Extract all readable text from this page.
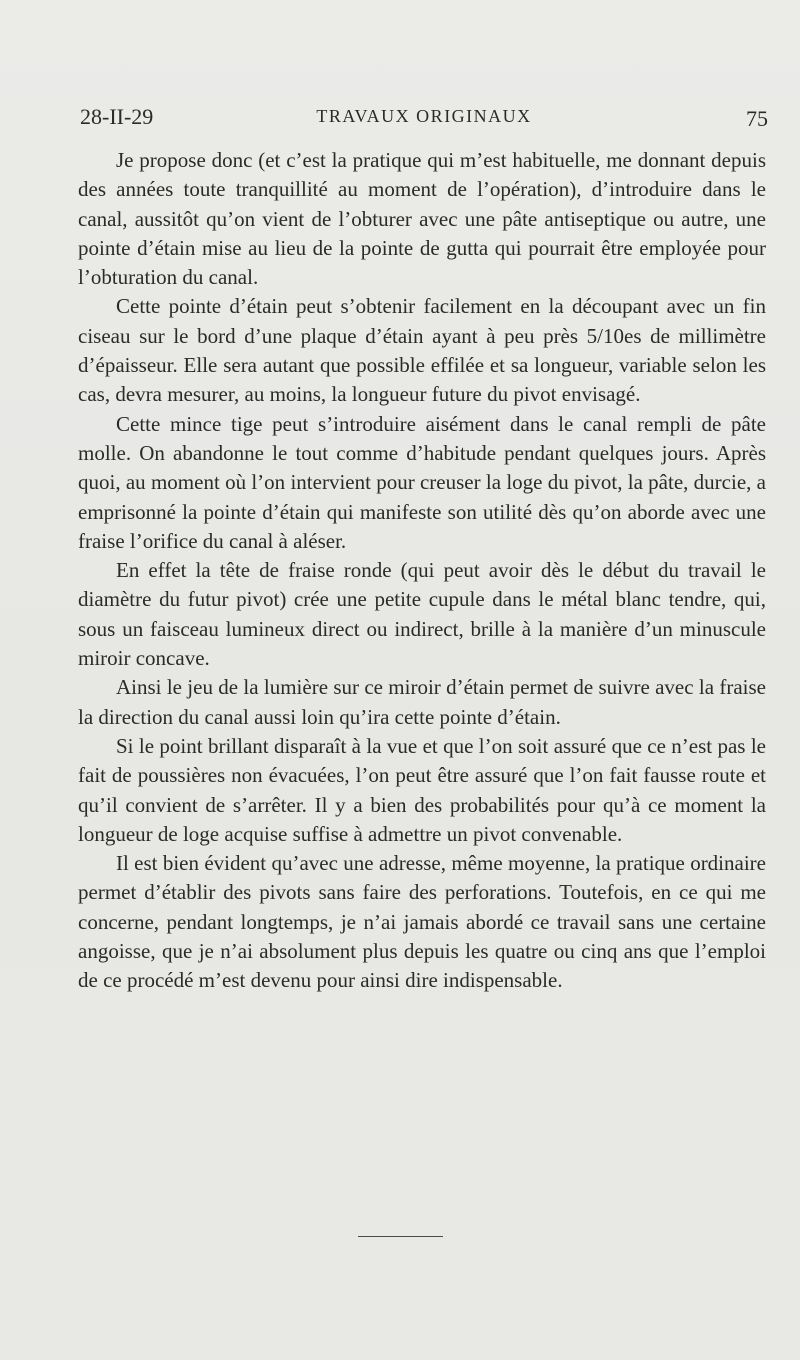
28-II-29	TRAVAUX ORIGINAUX	75

Je propose donc (et c’est la pratique qui m’est habituelle, me donnant depuis des années toute tranquillité au moment de l’opération), d’introduire dans le canal, aussitôt qu’on vient de l’obturer avec une pâte antiseptique ou autre, une pointe d’étain mise au lieu de la pointe de gutta qui pourrait être employée pour l’obturation du canal.

Cette pointe d’étain peut s’obtenir facilement en la découpant avec un fin ciseau sur le bord d’une plaque d’étain ayant à peu près 5/10es de millimètre d’épaisseur. Elle sera autant que possible effilée et sa longueur, variable selon les cas, devra mesurer, au moins, la longueur future du pivot envisagé.

Cette mince tige peut s’introduire aisément dans le canal rempli de pâte molle. On abandonne le tout comme d’habitude pendant quelques jours. Après quoi, au moment où l’on intervient pour creuser la loge du pivot, la pâte, durcie, a emprisonné la pointe d’étain qui manifeste son utilité dès qu’on aborde avec une fraise l’orifice du canal à aléser.

En effet la tête de fraise ronde (qui peut avoir dès le début du travail le diamètre du futur pivot) crée une petite cupule dans le métal blanc tendre, qui, sous un faisceau lumineux direct ou indirect, brille à la manière d’un minuscule miroir concave.

Ainsi le jeu de la lumière sur ce miroir d’étain permet de suivre avec la fraise la direction du canal aussi loin qu’ira cette pointe d’étain.

Si le point brillant disparaît à la vue et que l’on soit assuré que ce n’est pas le fait de poussières non évacuées, l’on peut être assuré que l’on fait fausse route et qu’il convient de s’arrêter. Il y a bien des probabilités pour qu’à ce moment la longueur de loge acquise suffise à admettre un pivot convenable.

Il est bien évident qu’avec une adresse, même moyenne, la pratique ordinaire permet d’établir des pivots sans faire des perforations. Toutefois, en ce qui me concerne, pendant longtemps, je n’ai jamais abordé ce travail sans une certaine angoisse, que je n’ai absolument plus depuis les quatre ou cinq ans que l’emploi de ce procédé m’est devenu pour ainsi dire indispensable.
